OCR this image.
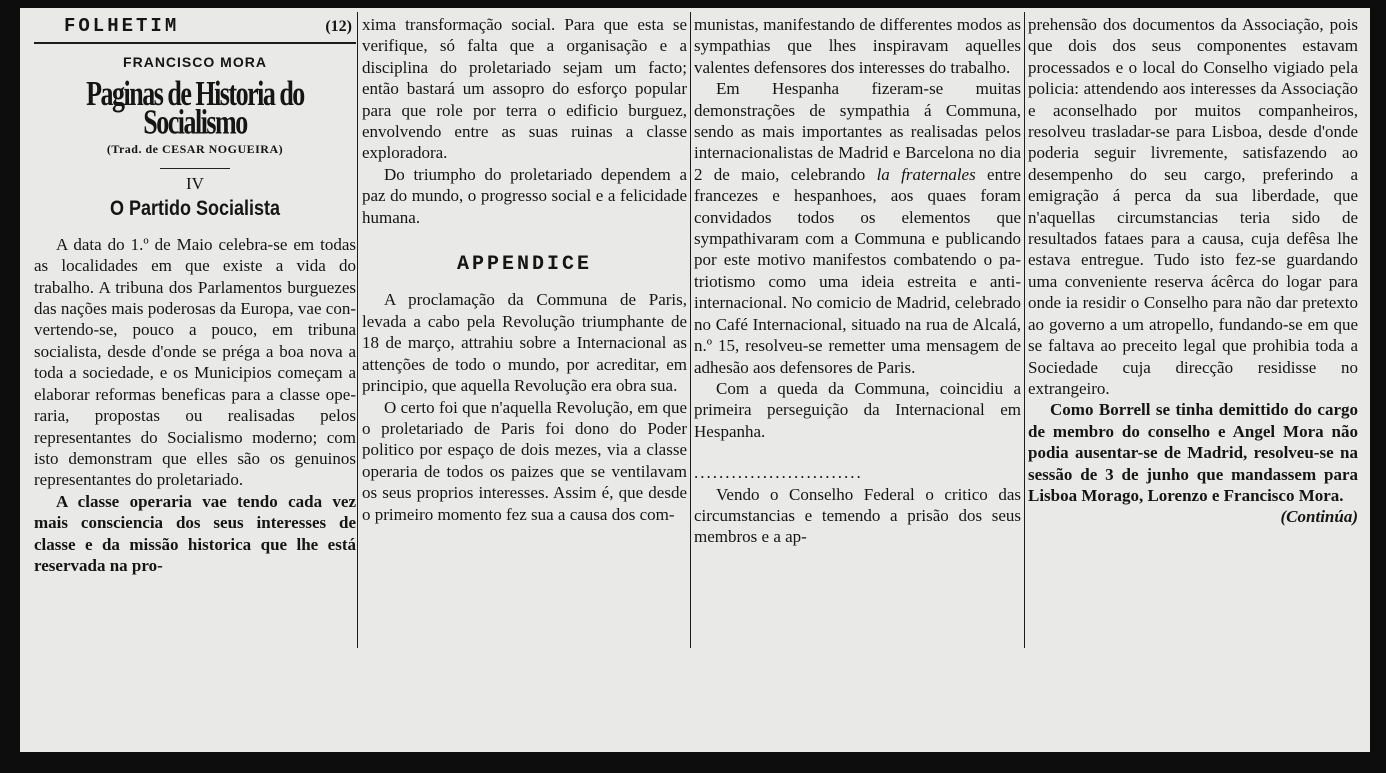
FOLHETIM	(12)
FRANCISCO MORA
Paginas de Historia do Socialismo
(Trad. de CESAR NOGUEIRA)
IV
O Partido Socialista

A data do 1.º de Maio celebra-se em todas as localidades em que existe a vida do trabalho. A tribuna dos Parlamentos burguezes das nações mais poderosas da Europa, vae convertendo-se, pouco a pouco, em tribuna socialista, desde d'onde se préga a boa nova a toda a sociedade, e os Municipios começam a elaborar reformas beneficas para a classe operaria, propostas ou realisadas pelos representantes do Socialismo moderno; com isto demonstram que elles são os genuinos representantes do proletariado.

A classe operaria vae tendo cada vez mais consciencia dos seus interesses de classe e da missão historica que lhe está reservada na pro-

xima transformação social. Para que esta se verifique, só falta que a organisação e a disciplina do proletariado sejam um facto; então bastará um assopro do esforço popular para que role por terra o edificio burguez, envolvendo entre as suas ruinas a classe exploradora.

Do triumpho do proletariado dependem a paz do mundo, o progresso social e a felicidade humana.

APPENDICE

A proclamação da Communa de Paris, levada a cabo pela Revolução triumphante de 18 de março, attrahiu sobre a Internacional as attenções de todo o mundo, por acreditar, em principio, que aquella Revolução era obra sua.

O certo foi que n'aquella Revolução, em que o proletariado de Paris foi dono do Poder politico por espaço de dois mezes, via a classe operaria de todos os paizes que se ventilavam os seus proprios interesses. Assim é, que desde o primeiro momento fez sua a causa dos com-

munistas, manifestando de differentes modos as sympathias que lhes inspiravam aquelles valentes defensores dos interesses do trabalho.

Em Hespanha fizeram-se muitas demonstrações de sympathia á Communa, sendo as mais importantes as realisadas pelos internacionalistas de Madrid e Barcelona no dia 2 de maio, celebrando la fraternales entre francezes e hespanhoes, aos quaes foram convidados todos os elementos que sympathivaram com a Communa e publicando por este motivo manifestos combatendo o patriotismo como uma ideia estreita e anti-internacional. No comicio de Madrid, celebrado no Café Internacional, situado na rua de Alcalá, n.º 15, resolveu-se remetter uma mensagem de adhesão aos defensores de Paris.

Com a queda da Communa, coincidiu a primeira perseguição da Internacional em Hespanha.

...........................

Vendo o Conselho Federal o critico das circumstancias e temendo a prisão dos seus membros e a ap-

prehensão dos documentos da Associação, pois que dois dos seus componentes estavam processados e o local do Conselho vigiado pela policia: attendendo aos interesses da Associação e aconselhado por muitos companheiros, resolveu trasladar-se para Lisboa, desde d'onde poderia seguir livremente, satisfazendo ao desempenho do seu cargo, preferindo a emigração á perca da sua liberdade, que n'aquellas circumstancias teria sido de resultados fataes para a causa, cuja defêsa lhe estava entregue. Tudo isto fez-se guardando uma conveniente reserva ácêrca do logar para onde ia residir o Conselho para não dar pretexto ao governo a um atropello, fundando-se em que se faltava ao preceito legal que prohibia toda a Sociedade cuja direcção residisse no extrangeiro.

Como Borrell se tinha demittido do cargo de membro do conselho e Angel Mora não podia ausentar-se de Madrid, resolveu-se na sessão de 3 de junho que mandassem para Lisboa Morago, Lorenzo e Francisco Mora.

(Continúa)
